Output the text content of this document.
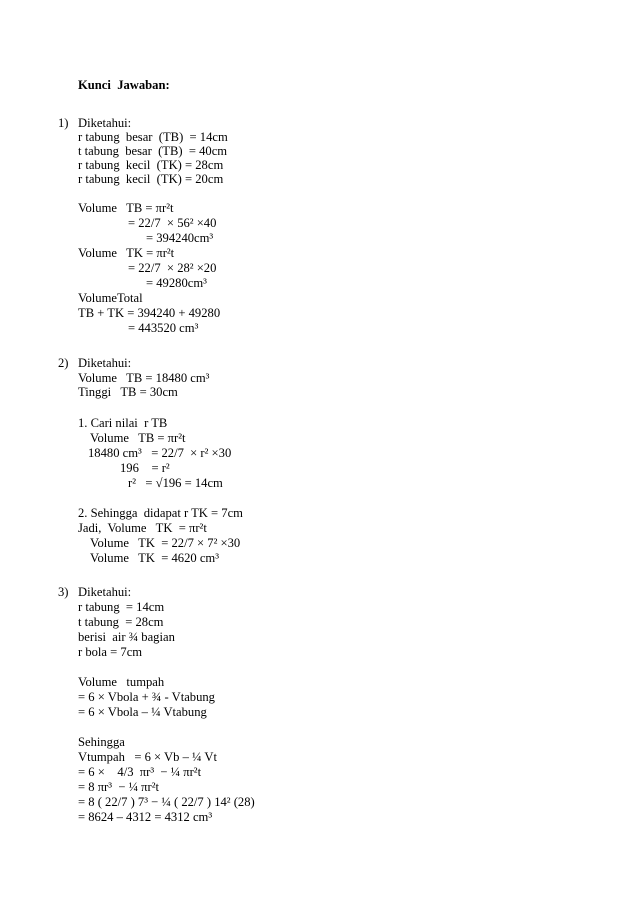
Kunci  Jawaban:
1) Diketahui:
r tabung  besar  (TB)  = 14cm
t tabung  besar  (TB)  = 40cm
r tabung  kecil  (TK) = 28cm
r tabung  kecil  (TK) = 20cm
Volume   TB = πr²t
= 22/7  × 56² ×40
= 394240cm³
Volume   TK = πr²t
= 22/7  × 28² ×20
= 49280cm³
VolumeTotal
TB + TK = 394240 + 49280
= 443520 cm³
2) Diketahui:
Volume   TB = 18480 cm³
Tinggi   TB = 30cm
1. Cari nilai  r TB
Volume   TB = πr²t
18480 cm³   = 22/7  × r² ×30
196    = r²
r²   = √196 = 14cm
2. Sehingga  didapat r TK = 7cm
Jadi,  Volume   TK  = πr²t
Volume   TK  = 22/7 × 7² ×30
Volume   TK  = 4620 cm³
3) Diketahui:
r tabung  = 14cm
t tabung  = 28cm
berisi  air ¾ bagian
r bola = 7cm
Volume   tumpah
= 6 × Vbola + ¾ - Vtabung
= 6 × Vbola – ¼ Vtabung
Sehingga
Vtumpah   = 6 × Vb – ¼ Vt
= 6 ×    4/3  πr³  − ¼ πr²t
= 8 πr³  − ¼ πr²t
= 8 ( 22/7 ) 7³ − ¼ ( 22/7 ) 14² (28)
= 8624 – 4312 = 4312 cm³
